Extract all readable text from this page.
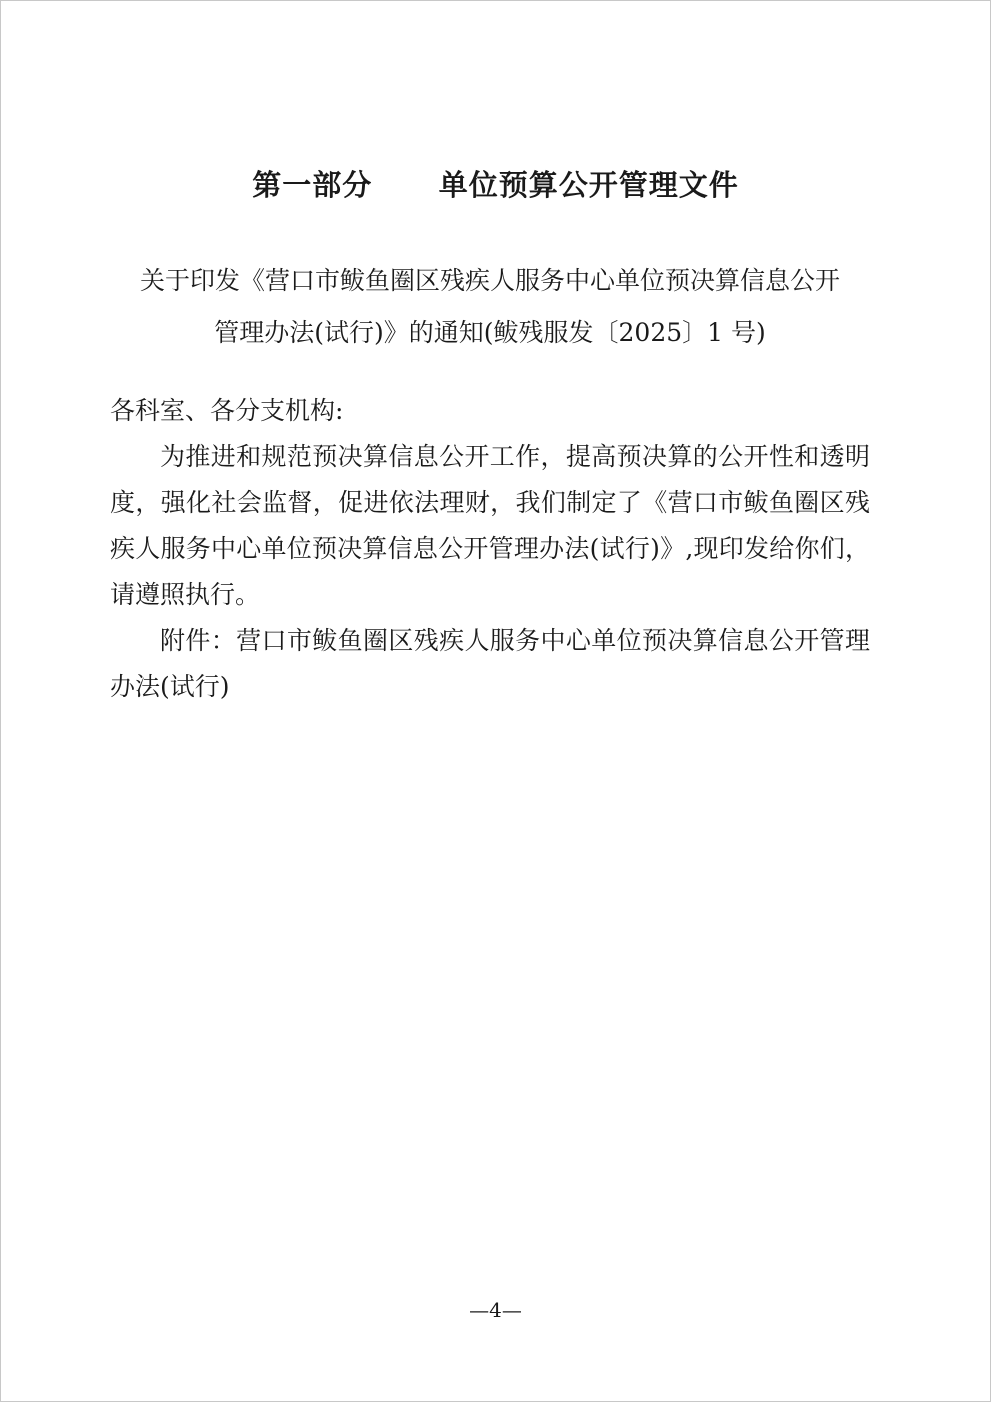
第一部分      单位预算公开管理文件
关于印发《营口市鲅鱼圈区残疾人服务中心单位预决算信息公开
管理办法(试行)》的通知(鲅残服发〔2025〕1 号)

各科室、各分支机构:

为推进和规范预决算信息公开工作，提高预决算的公开性和透明度，强化社会监督，促进依法理财，我们制定了《营口市鲅鱼圈区残疾人服务中心单位预决算信息公开管理办法(试行)》,现印发给你们，请遵照执行。

附件：营口市鲅鱼圈区残疾人服务中心单位预决算信息公开管理办法(试行)

—4—
